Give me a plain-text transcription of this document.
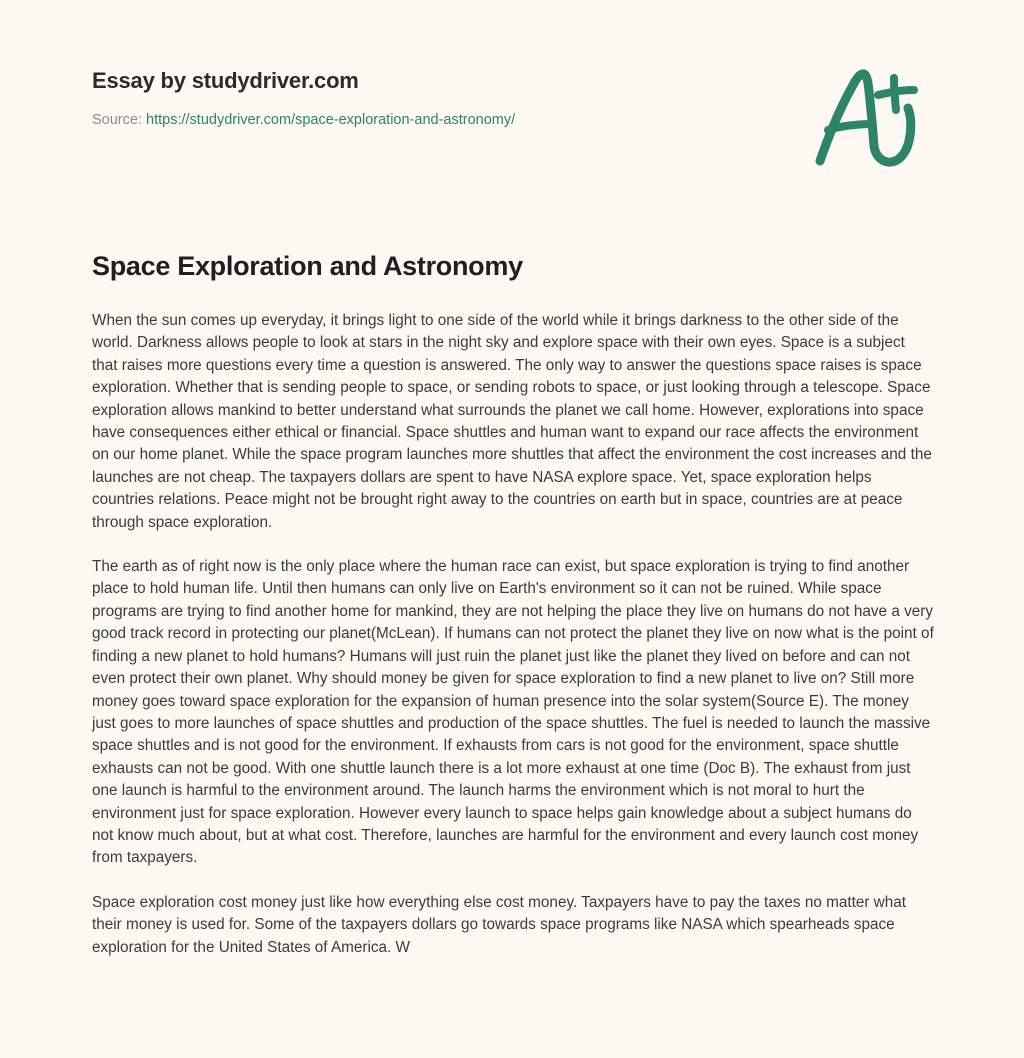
Essay by studydriver.com
Source: https://studydriver.com/space-exploration-and-astronomy/
Space Exploration and Astronomy

When the sun comes up everyday, it brings light to one side of the world while it brings darkness to the other side of the world. Darkness allows people to look at stars in the night sky and explore space with their own eyes. Space is a subject that raises more questions every time a question is answered. The only way to answer the questions space raises is space exploration. Whether that is sending people to space, or sending robots to space, or just looking through a telescope. Space exploration allows mankind to better understand what surrounds the planet we call home. However, explorations into space have consequences either ethical or financial. Space shuttles and human want to expand our race affects the environment on our home planet. While the space program launches more shuttles that affect the environment the cost increases and the launches are not cheap. The taxpayers dollars are spent to have NASA explore space. Yet, space exploration helps countries relations. Peace might not be brought right away to the countries on earth but in space, countries are at peace through space exploration.

The earth as of right now is the only place where the human race can exist, but space exploration is trying to find another place to hold human life. Until then humans can only live on Earth's environment so it can not be ruined. While space programs are trying to find another home for mankind, they are not helping the place they live on humans do not have a very good track record in protecting our planet(McLean). If humans can not protect the planet they live on now what is the point of finding a new planet to hold humans? Humans will just ruin the planet just like the planet they lived on before and can not even protect their own planet. Why should money be given for space exploration to find a new planet to live on? Still more money goes toward space exploration for the expansion of human presence into the solar system(Source E). The money just goes to more launches of space shuttles and production of the space shuttles. The fuel is needed to launch the massive space shuttles and is not good for the environment. If exhausts from cars is not good for the environment, space shuttle exhausts can not be good. With one shuttle launch there is a lot more exhaust at one time (Doc B). The exhaust from just one launch is harmful to the environment around. The launch harms the environment which is not moral to hurt the environment just for space exploration. However every launch to space helps gain knowledge about a subject humans do not know much about, but at what cost. Therefore, launches are harmful for the environment and every launch cost money from taxpayers.

Space exploration cost money just like how everything else cost money. Taxpayers have to pay the taxes no matter what their money is used for. Some of the taxpayers dollars go towards space programs like NASA which spearheads space exploration for the United States of America. W
